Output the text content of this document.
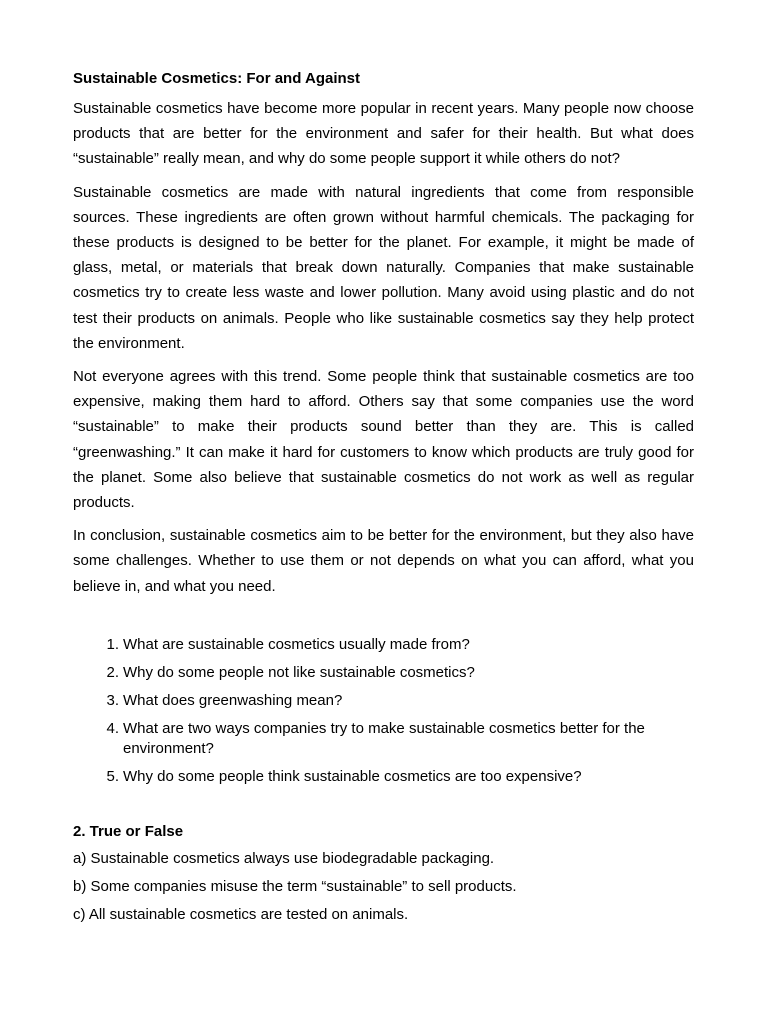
Sustainable Cosmetics: For and Against

Sustainable cosmetics have become more popular in recent years. Many people now choose products that are better for the environment and safer for their health. But what does “sustainable” really mean, and why do some people support it while others do not?

Sustainable cosmetics are made with natural ingredients that come from responsible sources. These ingredients are often grown without harmful chemicals. The packaging for these products is designed to be better for the planet. For example, it might be made of glass, metal, or materials that break down naturally. Companies that make sustainable cosmetics try to create less waste and lower pollution. Many avoid using plastic and do not test their products on animals. People who like sustainable cosmetics say they help protect the environment.

Not everyone agrees with this trend. Some people think that sustainable cosmetics are too expensive, making them hard to afford. Others say that some companies use the word “sustainable” to make their products sound better than they are. This is called “greenwashing.” It can make it hard for customers to know which products are truly good for the planet. Some also believe that sustainable cosmetics do not work as well as regular products.

In conclusion, sustainable cosmetics aim to be better for the environment, but they also have some challenges. Whether to use them or not depends on what you can afford, what you believe in, and what you need.

1. What are sustainable cosmetics usually made from?
2. Why do some people not like sustainable cosmetics?
3. What does greenwashing mean?
4. What are two ways companies try to make sustainable cosmetics better for the environment?
5. Why do some people think sustainable cosmetics are too expensive?
2. True or False
a) Sustainable cosmetics always use biodegradable packaging.
b) Some companies misuse the term “sustainable” to sell products.
c) All sustainable cosmetics are tested on animals.
